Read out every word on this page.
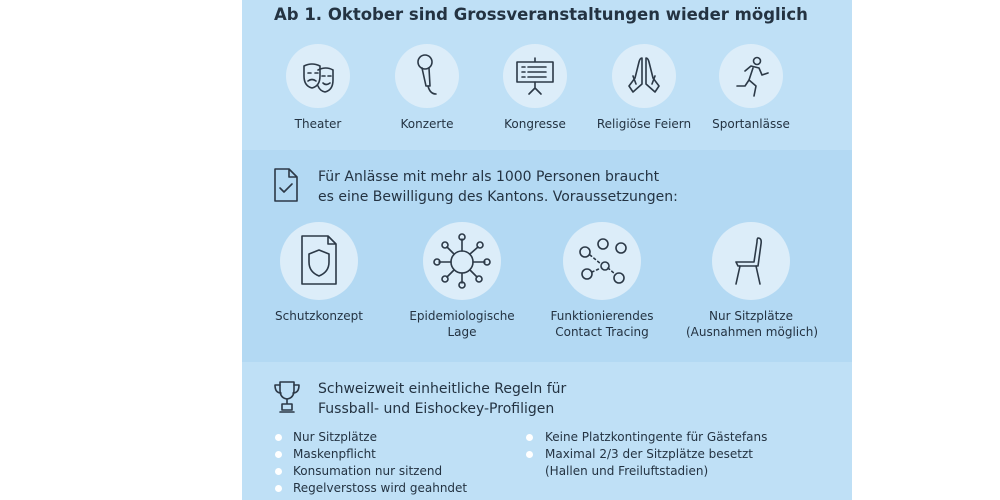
Ab 1. Oktober sind Grossveranstaltungen wieder möglich
Theater	Konzerte	Kongresse	Religiöse Feiern	Sportanlässe
Für Anlässe mit mehr als 1000 Personen braucht
es eine Bewilligung des Kantons. Voraussetzungen:
Schutzkonzept	Epidemiologische
Lage
Funktionierendes
Contact Tracing
Nur Sitzplätze
(Ausnahmen möglich)
Schweizweit einheitliche Regeln für
Fussball- und Eishockey-Profiligen
Nur Sitzplätze
Maskenpflicht
Konsumation nur sitzend
Regelverstoss wird geahndet
Keine Platzkontingente für Gästefans
Maximal 2/3 der Sitzplätze besetzt
(Hallen und Freiluftstadien)
